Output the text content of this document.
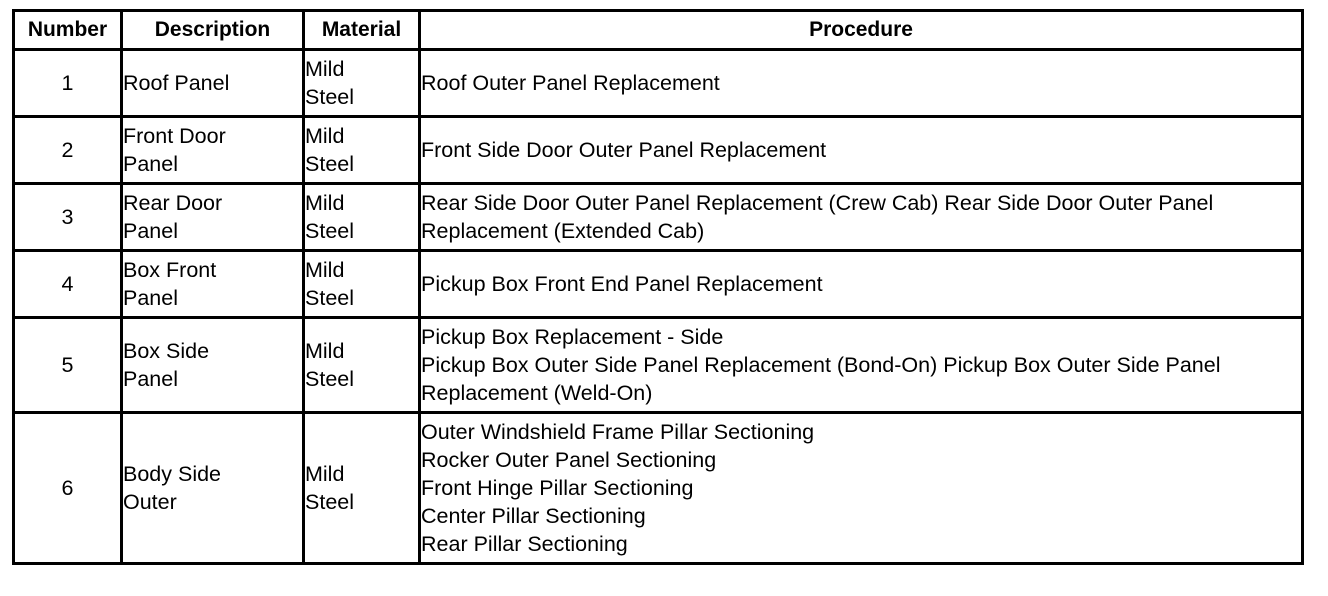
Number	Description	Material	Procedure
1	Roof Panel	Mild Steel	Roof Outer Panel Replacement

2	Front Door Panel	Mild Steel	Front Side Door Outer Panel Replacement

3	Rear Door Panel	Mild Steel	Rear Side Door Outer Panel Replacement (Crew Cab) Rear Side Door Outer Panel Replacement (Extended Cab)

4	Box Front Panel	Mild Steel	Pickup Box Front End Panel Replacement

5	Box Side Panel	Mild Steel	Pickup Box Replacement - Side
Pickup Box Outer Side Panel Replacement (Bond-On) Pickup Box Outer Side Panel Replacement (Weld-On)

6	Body Side Outer	Mild Steel	Outer Windshield Frame Pillar Sectioning
Rocker Outer Panel Sectioning
Front Hinge Pillar Sectioning
Center Pillar Sectioning
Rear Pillar Sectioning
